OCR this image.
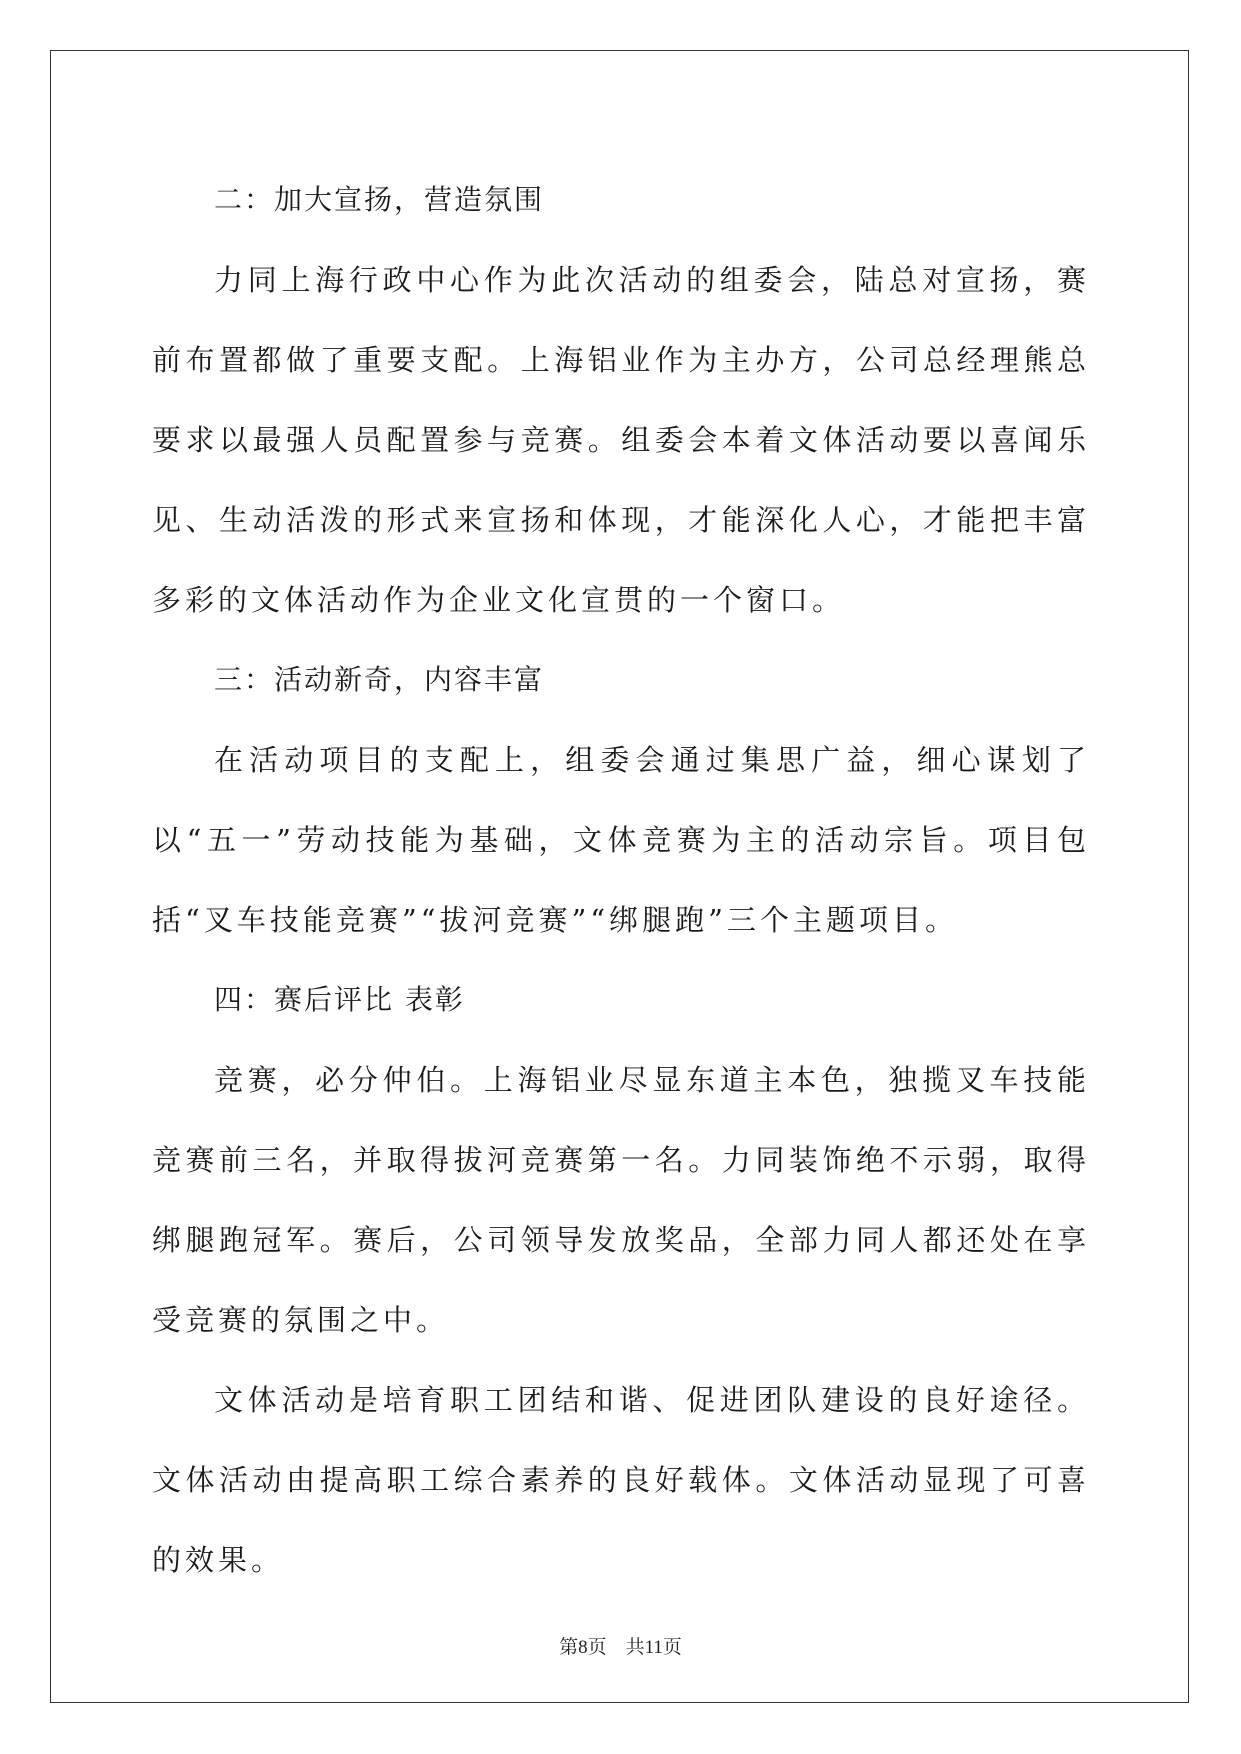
二：加大宣扬，营造氛围

力同上海行政中心作为此次活动的组委会，陆总对宣扬，赛前布置都做了重要支配。上海铝业作为主办方，公司总经理熊总要求以最强人员配置参与竞赛。组委会本着文体活动要以喜闻乐见、生动活泼的形式来宣扬和体现，才能深化人心，才能把丰富多彩的文体活动作为企业文化宣贯的一个窗口。

三：活动新奇，内容丰富

在活动项目的支配上，组委会通过集思广益，细心谋划了以“五一”劳动技能为基础，文体竞赛为主的活动宗旨。项目包括“叉车技能竞赛”“拔河竞赛”“绑腿跑”三个主题项目。

四：赛后评比 表彰

竞赛，必分仲伯。上海铝业尽显东道主本色，独揽叉车技能竞赛前三名，并取得拔河竞赛第一名。力同装饰绝不示弱，取得绑腿跑冠军。赛后，公司领导发放奖品，全部力同人都还处在享受竞赛的氛围之中。

文体活动是培育职工团结和谐、促进团队建设的良好途径。文体活动由提高职工综合素养的良好载体。文体活动显现了可喜的效果。

第8页 共11页
